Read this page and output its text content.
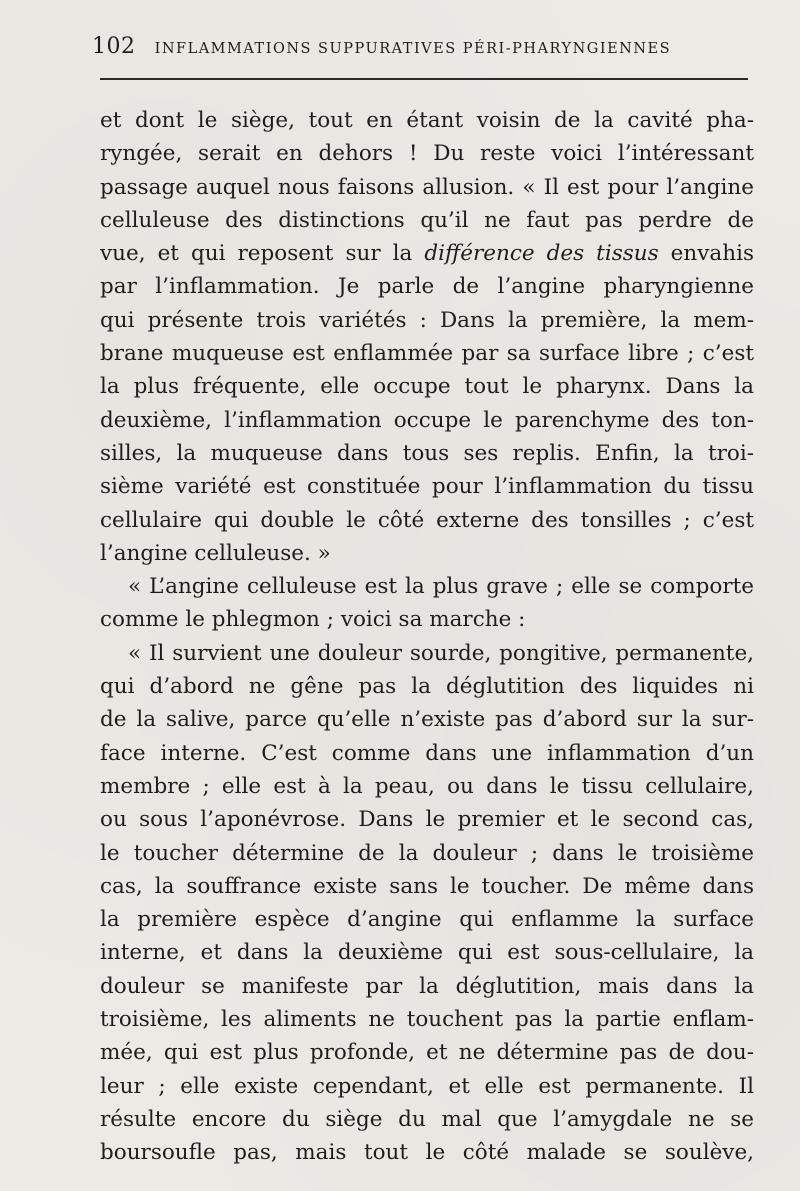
102 INFLAMMATIONS SUPPURATIVES PÉRI-PHARYNGIENNES
et dont le siège, tout en étant voisin de la cavité pha-
ryngée, serait en dehors ! Du reste voici l’intéressant
passage auquel nous faisons allusion. « Il est pour l’angine
celluleuse des distinctions qu’il ne faut pas perdre de
vue, et qui reposent sur la différence des tissus envahis
par l’inflammation. Je parle de l’angine pharyngienne
qui présente trois variétés : Dans la première, la mem-
brane muqueuse est enflammée par sa surface libre ; c’est
la plus fréquente, elle occupe tout le pharynx. Dans la
deuxième, l’inflammation occupe le parenchyme des ton-
silles, la muqueuse dans tous ses replis. Enfin, la troi-
sième variété est constituée pour l’inflammation du tissu
cellulaire qui double le côté externe des tonsilles ; c’est
l’angine celluleuse. »
« L’angine celluleuse est la plus grave ; elle se comporte
comme le phlegmon ; voici sa marche :
« Il survient une douleur sourde, pongitive, permanente,
qui d’abord ne gêne pas la déglutition des liquides ni
de la salive, parce qu’elle n’existe pas d’abord sur la sur-
face interne. C’est comme dans une inflammation d’un
membre ; elle est à la peau, ou dans le tissu cellulaire,
ou sous l’aponévrose. Dans le premier et le second cas,
le toucher détermine de la douleur ; dans le troisième
cas, la souffrance existe sans le toucher. De même dans
la première espèce d’angine qui enflamme la surface
interne, et dans la deuxième qui est sous-cellulaire, la
douleur se manifeste par la déglutition, mais dans la
troisième, les aliments ne touchent pas la partie enflam-
mée, qui est plus profonde, et ne détermine pas de dou-
leur ; elle existe cependant, et elle est permanente. Il
résulte encore du siège du mal que l’amygdale ne se
boursoufle pas, mais tout le côté malade se soulève,
